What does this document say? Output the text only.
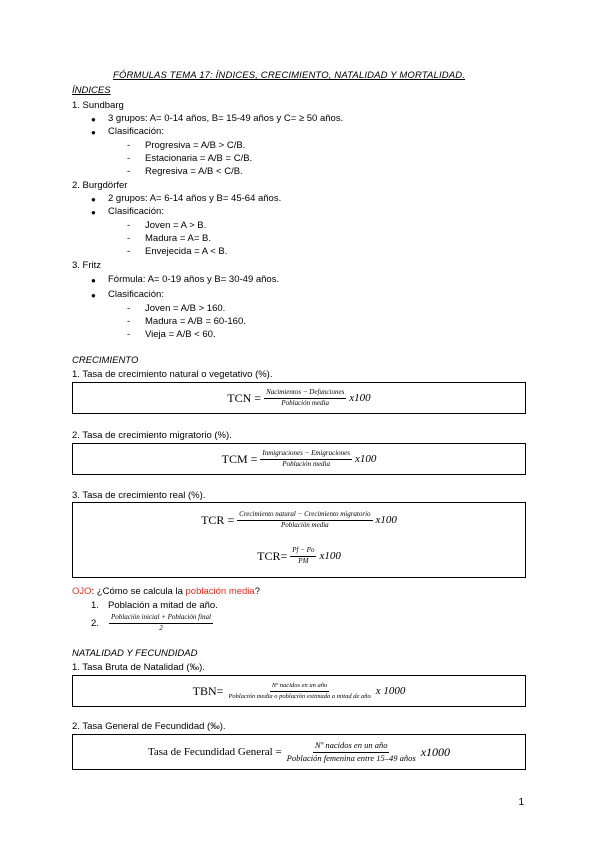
FÓRMULAS TEMA 17: ÍNDICES, CRECIMIENTO, NATALIDAD Y MORTALIDAD.
ÍNDICES
1. Sundbarg
● 3 grupos: A= 0-14 años, B= 15-49 años y C= ≥ 50 años.
● Clasificación:
- Progresiva = A/B > C/B.
- Estacionaria = A/B = C/B.
- Regresiva = A/B < C/B.
2. Burgdörfer
● 2 grupos: A= 6-14 años y B= 45-64 años.
● Clasificación:
- Joven = A > B.
- Madura = A= B.
- Envejecida = A < B.
3. Fritz
● Fórmula: A= 0-19 años y B= 30-49 años.
● Clasificación:
- Joven = A/B > 160.
- Madura = A/B = 60-160.
- Vieja = A/B < 60.
CRECIMIENTO
1. Tasa de crecimiento natural o vegetativo (%).
TCN = $\frac{\text{Nacimientos − Defunciones}}{\text{Población media}} x100$
2. Tasa de crecimiento migratorio (%).
TCM = $\frac{\text{Inmigraciones − Emigraciones}}{\text{Población media}} x100$
3. Tasa de crecimiento real (%).
TCR = $\frac{\text{Crecimiento natural − Crecimiento migratorio}}{\text{Población media}} x100$
$TCR= \frac{Pf - Po}{PM} x100$
OJO: ¿Cómo se calcula la población media?
1. Población a mitad de año.
2. $\frac{\text{Población inicial + Población final}}{2}$
NATALIDAD Y FECUNDIDAD
1. Tasa Bruta de Natalidad (‰).
$TBN= \frac{\text{Nº nacidos en un año}}{\text{Población media o población estimada a mitad de año}}$ x 1000
2. Tasa General de Fecundidad (‰).
Tasa de Fecundidad General = $\frac{\text{Nº nacidos en un año}}{\text{Población femenina entre 15–49 años}} x1000$
1
